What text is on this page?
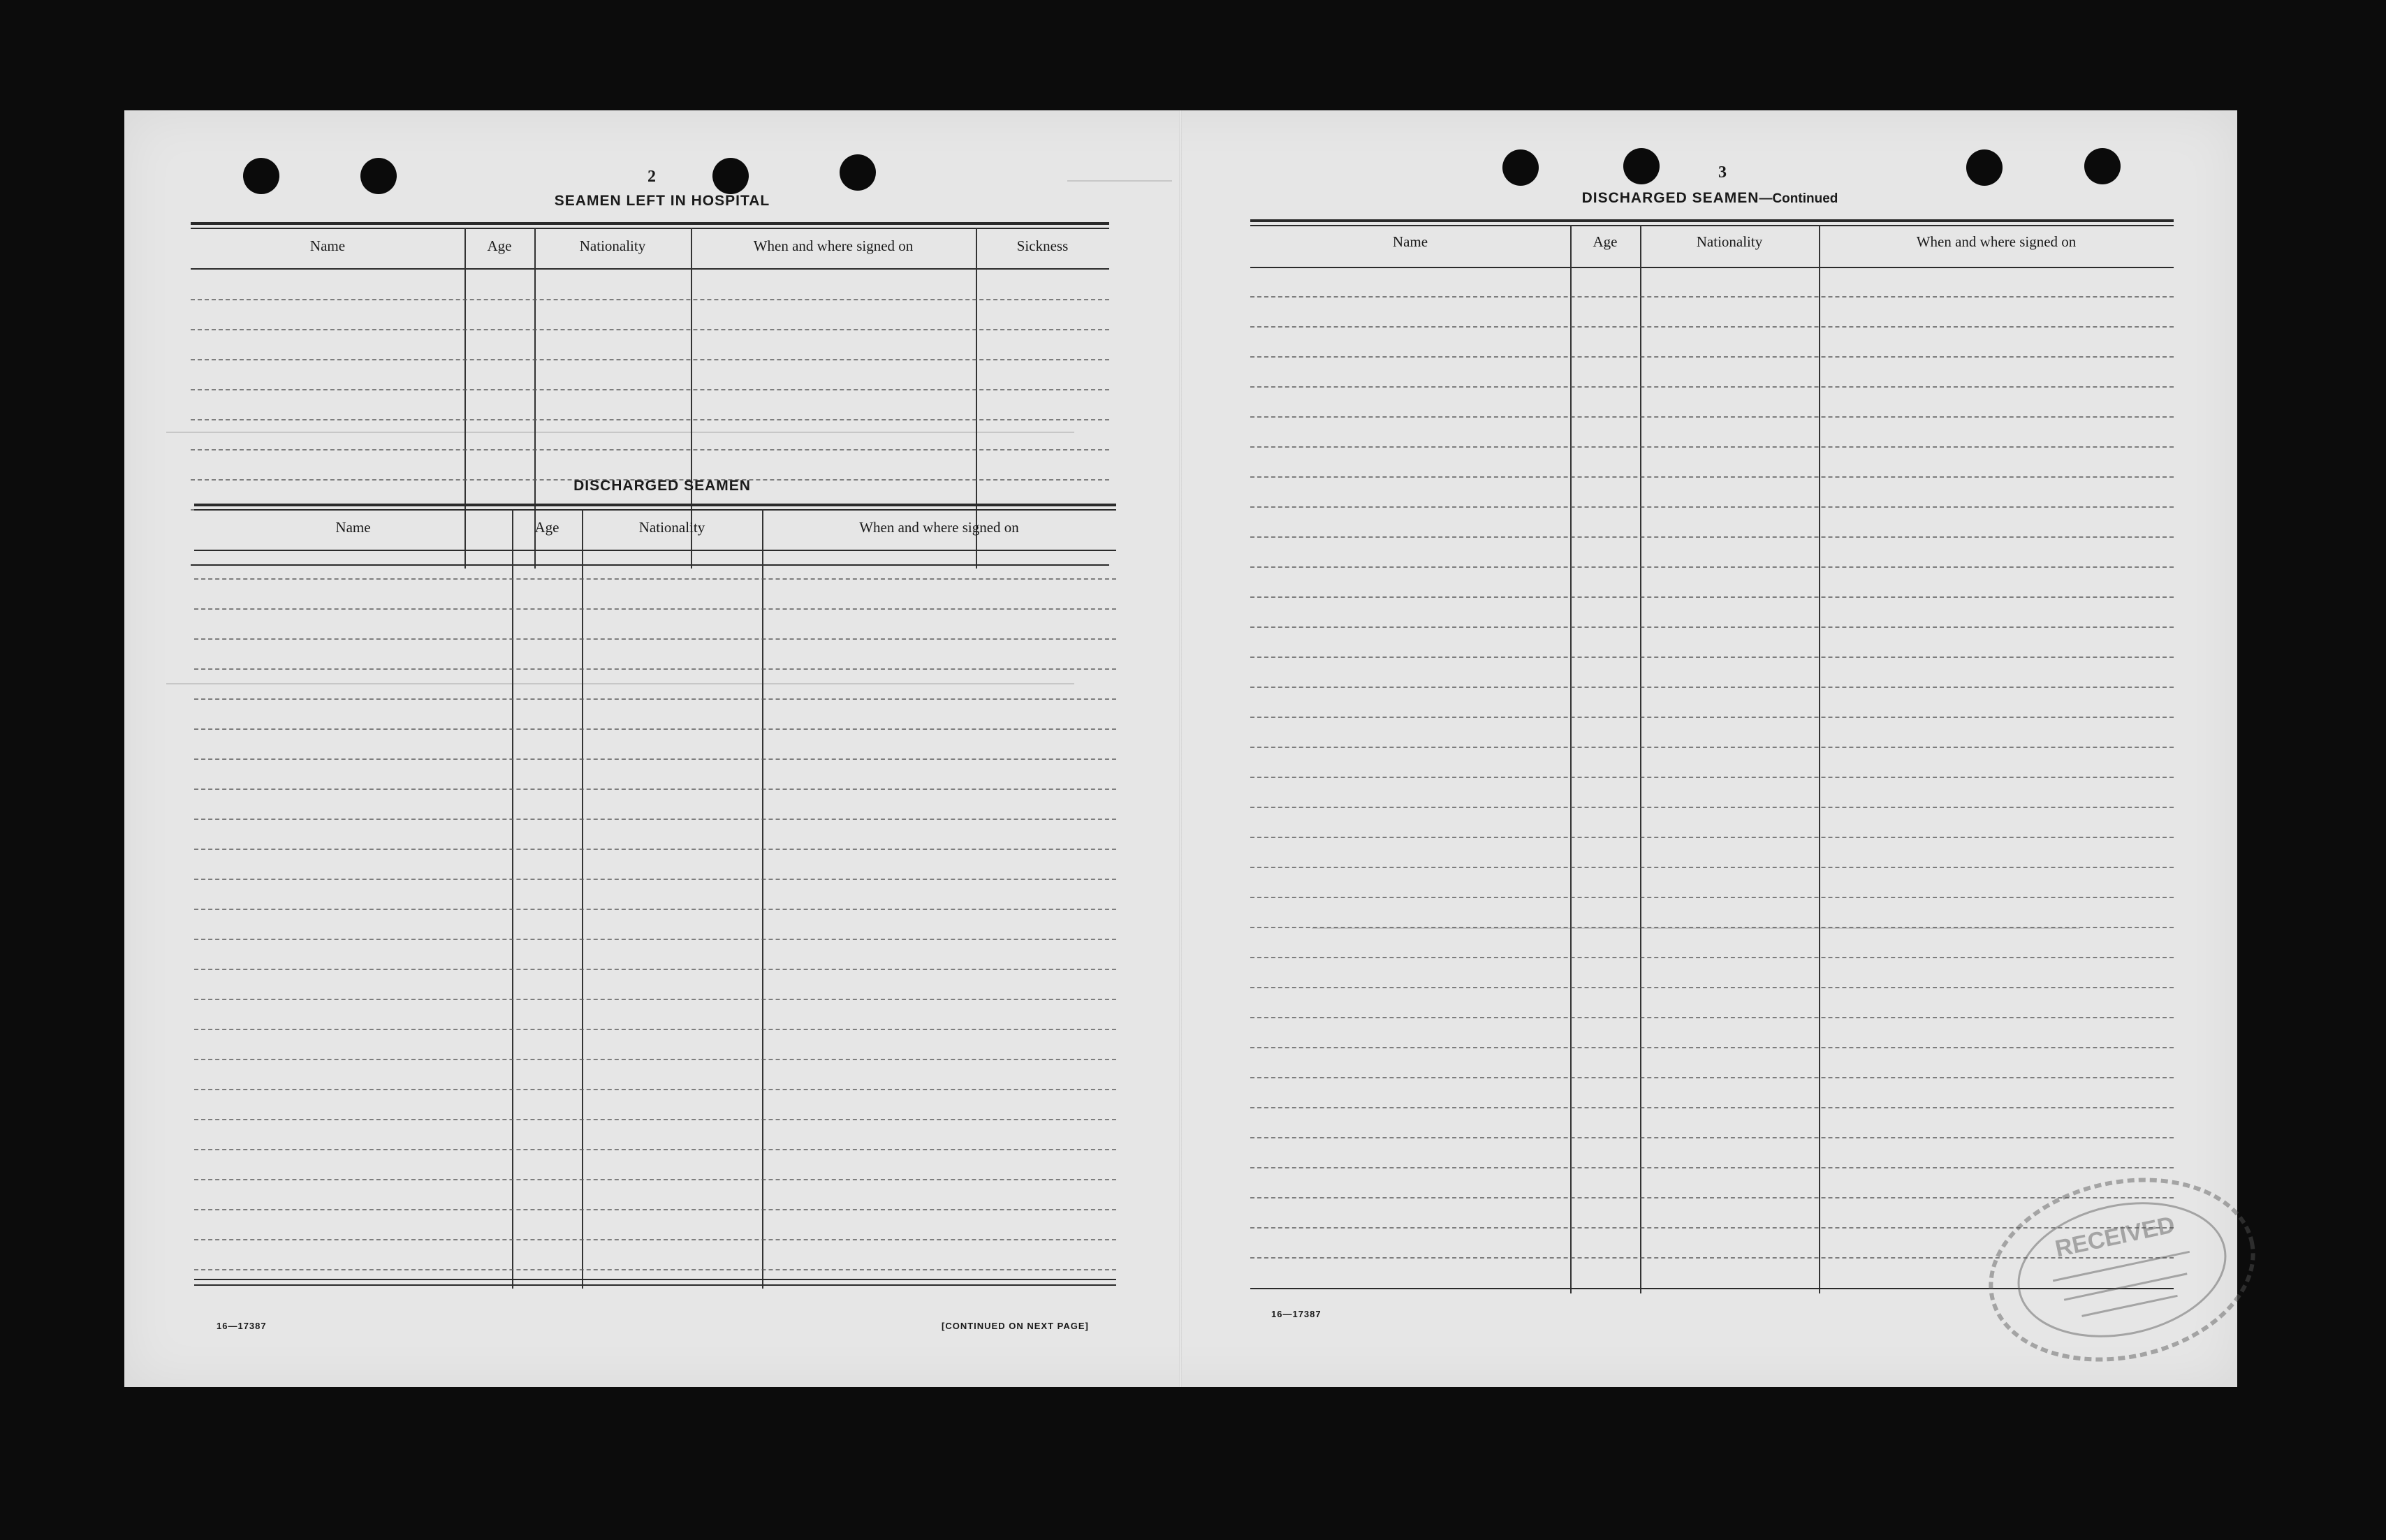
2
SEAMEN LEFT IN HOSPITAL
Name	Age	Nationality	When and where signed on	Sickness
DISCHARGED SEAMEN
Name	Age	Nationality	When and where signed on
16—17387	[CONTINUED ON NEXT PAGE]
3
DISCHARGED SEAMEN—Continued
Name	Age	Nationality	When and where signed on
16—17387
RECEIVED
